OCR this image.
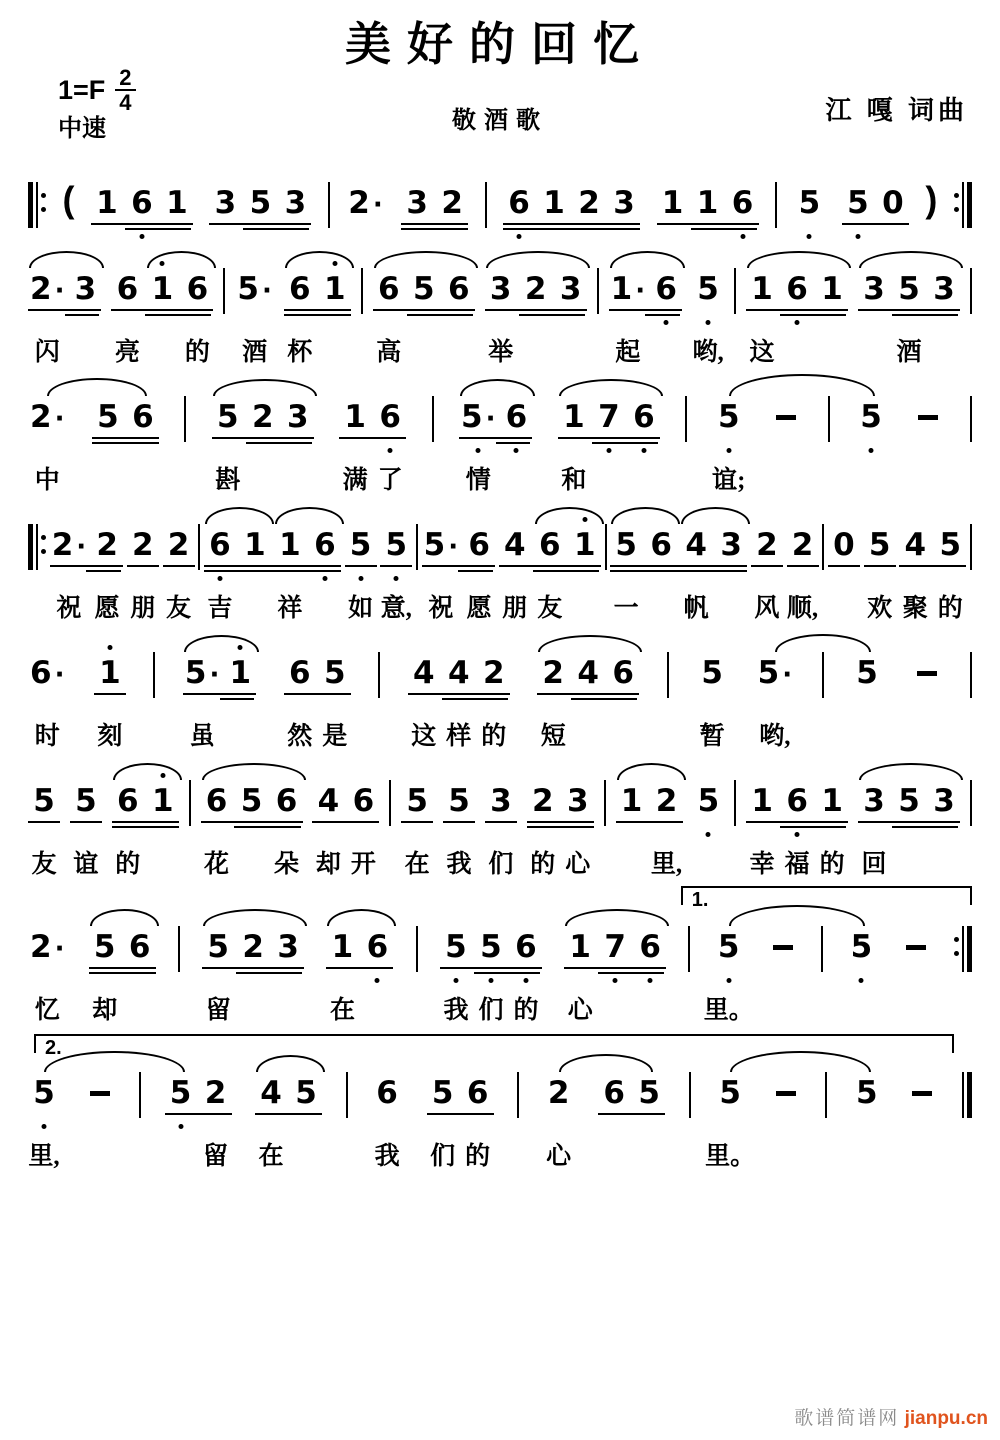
美好的回忆
$1=F \frac{2}{4}$
中速	敬酒歌	江 嘎 词曲
( 1 6 1 3 5 3 2 · 3 2 6 1 2 3 1 1 6 5 5 0 )
2 ·
闪
3 6
亮
1 6
的
5 ·
酒
6
杯
1 6
高
5 6 3
举
2 3 1 ·
起
6 5
哟,
1
这
6 1 3 5
酒
3
2 ·
中
5 6 5
斟
2 3 1
满
6
了
5 ·
情
6 1
和
7 6 5
谊;
5
2 ·
祝
2
愿
2
朋
2
友
6
吉
1 1
祥
6 5
如
5
意,
5 ·
祝
6
愿
4
朋
6
友
1 5
一
6 4
帆
3 2
风
2
顺,
0 5
欢
4
聚
5
的
6 ·
时
1
刻
5 ·
虽
1 6
然
5
是
4
这
4
样
2
的
2
短
4 6 5
暂
5 ·
哟,
5
5
友
5
谊
6
的
1 6
花
5 6
朵
4
却
6
开
5
在
5
我
3
们
2
的
3
心
1 2
里,
5 1
幸
6
福
1
的
3
回
5 3
2 ·
忆
5
却
6 5
留
2 3 1
在
6 5
我
5
们
6
的
1
心
7 6 5
里。
5
1.
5
里,
5 2
留
4
在
5 6
我
5
们
6
的
2
心
6 5 5
里。
5
2.
歌谱简谱网 jianpu.cn
